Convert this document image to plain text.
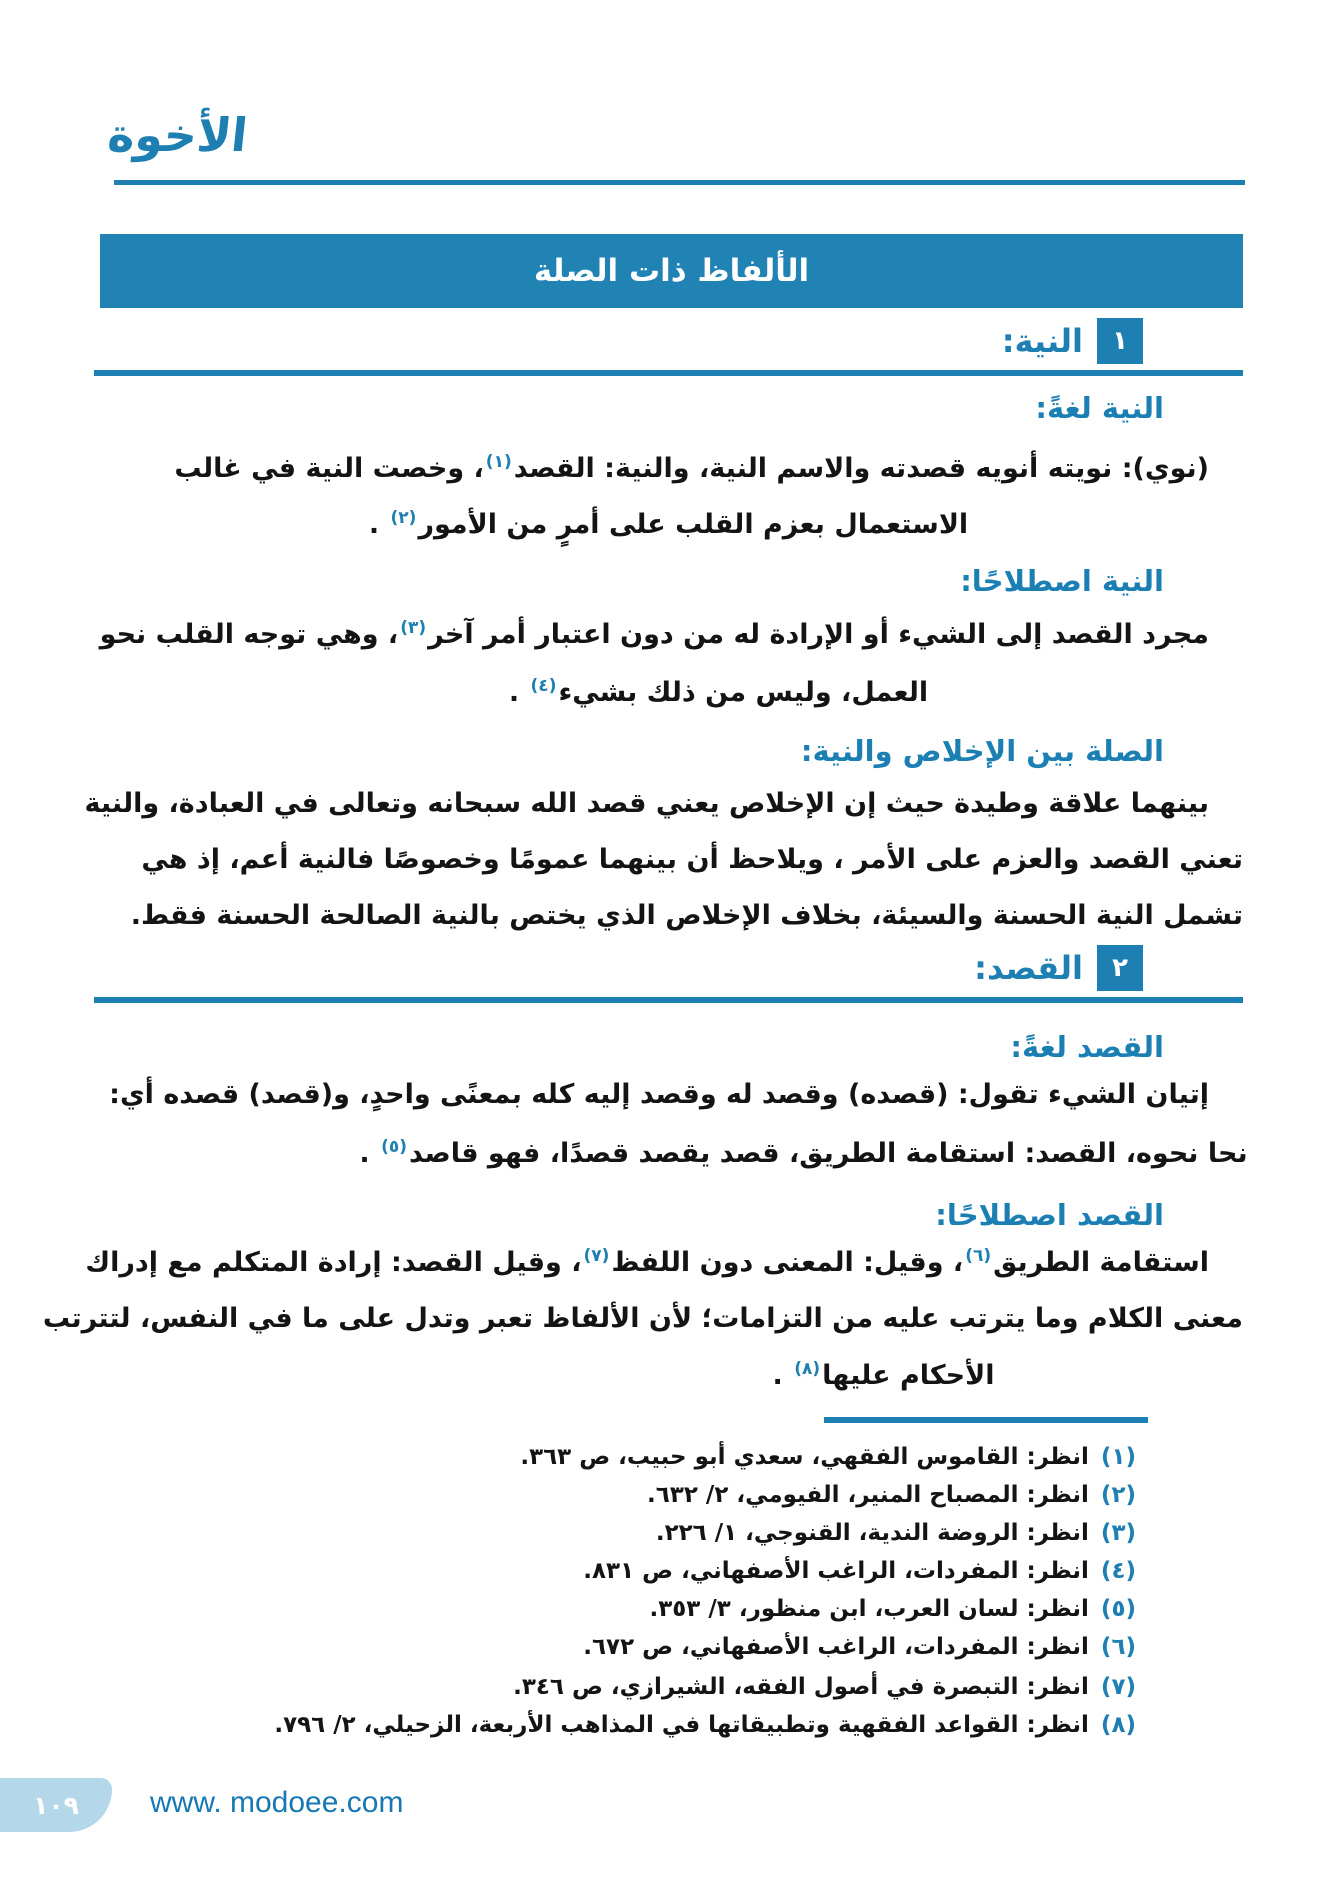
الأخوة
الألفاظ ذات الصلة
١
النية:
النية لغةً:
(نوي): نويته أنويه قصدته والاسم النية، والنية: القصد$^{(١)}$، وخصت النية في غالب
الاستعمال بعزم القلب على أمرٍ من الأمور$^{(٢)}$ .
النية اصطلاحًا:
مجرد القصد إلى الشيء أو الإرادة له من دون اعتبار أمر آخر$^{(٣)}$، وهي توجه القلب نحو
العمل، وليس من ذلك بشيء$^{(٤)}$ .
الصلة بين الإخلاص والنية:
بينهما علاقة وطيدة حيث إن الإخلاص يعني قصد الله سبحانه وتعالى في العبادة، والنية
تعني القصد والعزم على الأمر ، ويلاحظ أن بينهما عمومًا وخصوصًا فالنية أعم، إذ هي
تشمل النية الحسنة والسيئة، بخلاف الإخلاص الذي يختص بالنية الصالحة الحسنة فقط.
٢
القصد:
القصد لغةً:
إتيان الشيء تقول: (قصده) وقصد له وقصد إليه كله بمعنًى واحدٍ، و(قصد) قصده أي:
نحا نحوه، القصد: استقامة الطريق، قصد يقصد قصدًا، فهو قاصد$^{(٥)}$ .
القصد اصطلاحًا:
استقامة الطريق$^{(٦)}$، وقيل: المعنى دون اللفظ$^{(٧)}$، وقيل القصد: إرادة المتكلم مع إدراك
معنى الكلام وما يترتب عليه من التزامات؛ لأن الألفاظ تعبر وتدل على ما في النفس، لتترتب
الأحكام عليها$^{(٨)}$ .
(١)انظر: القاموس الفقهي، سعدي أبو حبيب، ص ٣٦٣.
(٢)انظر: المصباح المنير، الفيومي، ٢/ ٦٣٢.
(٣)انظر: الروضة الندية، القنوجي، ١/ ٢٢٦.
(٤)انظر: المفردات، الراغب الأصفهاني، ص ٨٣١.
(٥)انظر: لسان العرب، ابن منظور، ٣/ ٣٥٣.
(٦)انظر: المفردات، الراغب الأصفهاني، ص ٦٧٢.
(٧)انظر: التبصرة في أصول الفقه، الشيرازي، ص ٣٤٦.
(٨)انظر: القواعد الفقهية وتطبيقاتها في المذاهب الأربعة، الزحيلي، ٢/ ٧٩٦.
١٠٩	www. modoee.com
